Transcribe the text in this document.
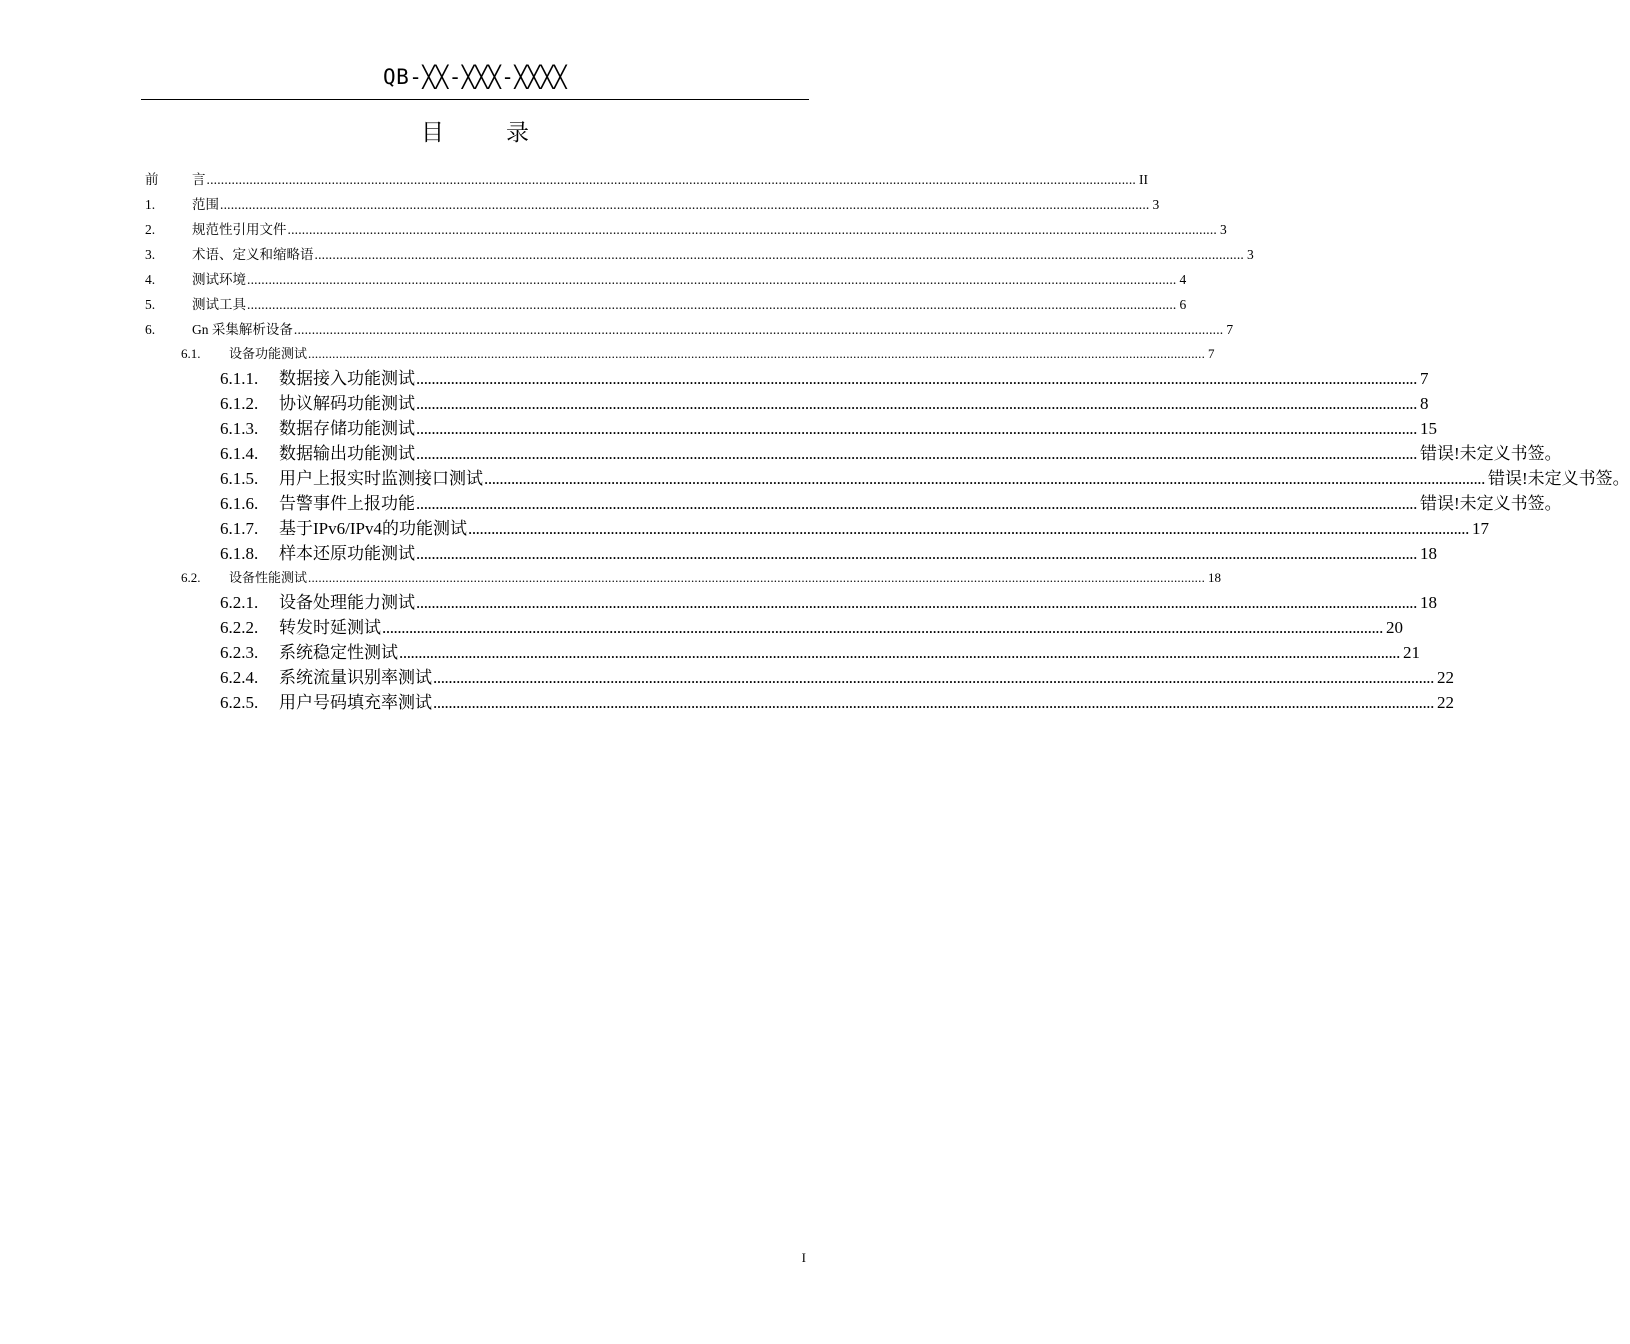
QB-╳╳-╳╳╳-╳╳╳╳
目	录
前	言 .................................................................................................................................................................................................................................................................... II
1.	范围 .................................................................................................................................................................................................................................................................... 3
2.	规范性引用文件 .................................................................................................................................................................................................................................................................... 3
3.	术语、定义和缩略语 .................................................................................................................................................................................................................................................................... 3
4.	测试环境 .................................................................................................................................................................................................................................................................... 4
5.	测试工具 .................................................................................................................................................................................................................................................................... 6
6.	Gn 采集解析设备 .................................................................................................................................................................................................................................................................... 7
6.1.	设备功能测试 .................................................................................................................................................................................................................................................................... 7
6.1.1.	数据接入功能测试 .................................................................................................................................................................................................................................................................... 7
6.1.2.	协议解码功能测试 .................................................................................................................................................................................................................................................................... 8
6.1.3.	数据存储功能测试 .................................................................................................................................................................................................................................................................... 15
6.1.4.	数据输出功能测试 .................................................................................................................................................................................................................................................................... 错误!未定义书签。
6.1.5.	用户上报实时监测接口测试 .................................................................................................................................................................................................................................................................... 错误!未定义书签。
6.1.6.	告警事件上报功能 .................................................................................................................................................................................................................................................................... 错误!未定义书签。
6.1.7.	基于IPv6/IPv4的功能测试 .................................................................................................................................................................................................................................................................... 17
6.1.8.	样本还原功能测试 .................................................................................................................................................................................................................................................................... 18
6.2.	设备性能测试 .................................................................................................................................................................................................................................................................... 18
6.2.1.	设备处理能力测试 .................................................................................................................................................................................................................................................................... 18
6.2.2.	转发时延测试 .................................................................................................................................................................................................................................................................... 20
6.2.3.	系统稳定性测试 .................................................................................................................................................................................................................................................................... 21
6.2.4.	系统流量识别率测试 .................................................................................................................................................................................................................................................................... 22
6.2.5.	用户号码填充率测试 .................................................................................................................................................................................................................................................................... 22
I
